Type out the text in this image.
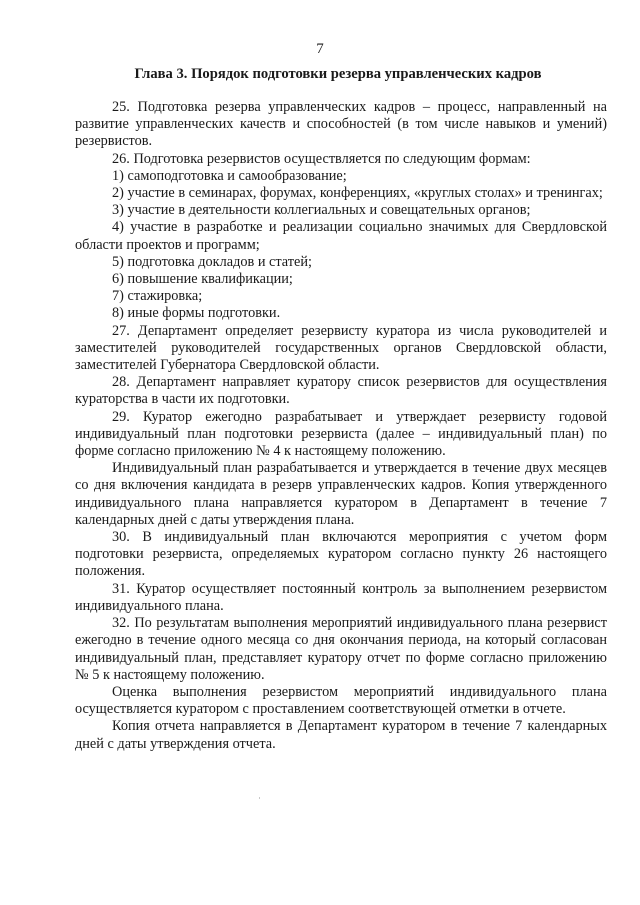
7
Глава 3. Порядок подготовки резерва управленческих кадров

25. Подготовка резерва управленческих кадров – процесс, направленный на развитие управленческих качеств и способностей (в том числе навыков и умений) резервистов.

26. Подготовка резервистов осуществляется по следующим формам:

1) самоподготовка и самообразование;

2) участие в семинарах, форумах, конференциях, «круглых столах» и тренингах;

3) участие в деятельности коллегиальных и совещательных органов;

4) участие в разработке и реализации социально значимых для Свердловской области проектов и программ;

5) подготовка докладов и статей;

6) повышение квалификации;

7) стажировка;

8) иные формы подготовки.

27. Департамент определяет резервисту куратора из числа руководителей и заместителей руководителей государственных органов Свердловской области, заместителей Губернатора Свердловской области.

28. Департамент направляет куратору список резервистов для осуществления кураторства в части их подготовки.

29. Куратор ежегодно разрабатывает и утверждает резервисту годовой индивидуальный план подготовки резервиста (далее – индивидуальный план) по форме согласно приложению № 4 к настоящему положению.

Индивидуальный план разрабатывается и утверждается в течение двух месяцев со дня включения кандидата в резерв управленческих кадров. Копия утвержденного индивидуального плана направляется куратором в Департамент в течение 7 календарных дней с даты утверждения плана.

30. В индивидуальный план включаются мероприятия с учетом форм подготовки резервиста, определяемых куратором согласно пункту 26 настоящего положения.

31. Куратор осуществляет постоянный контроль за выполнением резервистом индивидуального плана.

32. По результатам выполнения мероприятий индивидуального плана резервист ежегодно в течение одного месяца со дня окончания периода, на который согласован индивидуальный план, представляет куратору отчет по форме согласно приложению № 5 к настоящему положению.

Оценка выполнения резервистом мероприятий индивидуального плана осуществляется куратором с проставлением соответствующей отметки в отчете.

Копия отчета направляется в Департамент куратором в течение 7 календарных дней с даты утверждения отчета.
